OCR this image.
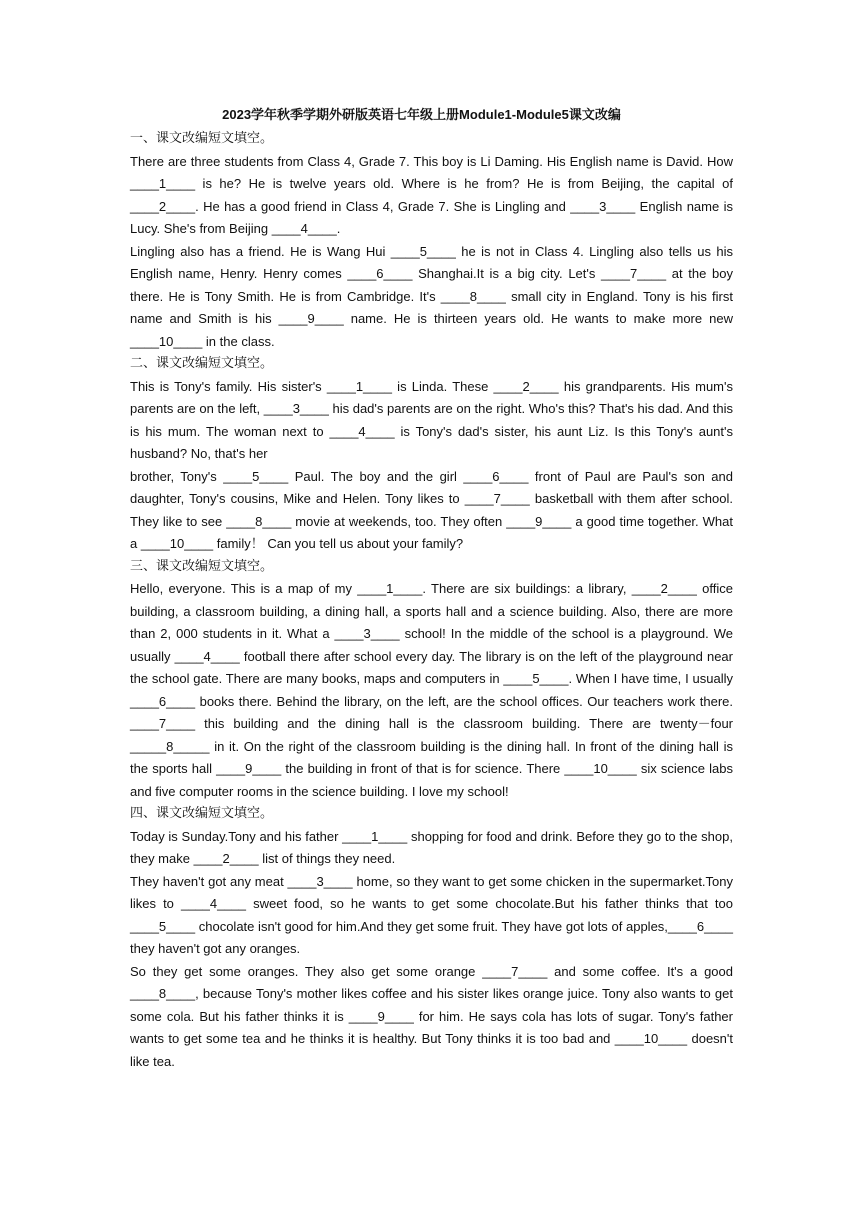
2023学年秋季学期外研版英语七年级上册Module1-Module5课文改编
一、课文改编短文填空。

There are three students from Class 4, Grade 7. This boy is Li Daming. His English name is David. How ____1____ is he? He is twelve years old. Where is he from? He is from Beijing, the capital of ____2____. He has a good friend in Class 4, Grade 7. She is Lingling and ____3____ English name is Lucy. She's from Beijing ____4____.

Lingling also has a friend. He is Wang Hui ____5____ he is not in Class 4. Lingling also tells us his English name, Henry. Henry comes ____6____ Shanghai.It is a big city. Let's ____7____ at the boy there. He is Tony Smith. He is from Cambridge. It's ____8____ small city in England. Tony is his first name and Smith is his ____9____ name. He is thirteen years old. He wants to make more new ____10____ in the class.

二、课文改编短文填空。

This is Tony's family. His sister's ____1____ is Linda. These ____2____ his grandparents. His mum's parents are on the left, ____3____ his dad's parents are on the right. Who's this? That's his dad. And this is his mum. The woman next to ____4____ is Tony's dad's sister, his aunt Liz. Is this Tony's aunt's husband? No, that's her

brother, Tony's ____5____ Paul. The boy and the girl ____6____ front of Paul are Paul's son and daughter, Tony's cousins, Mike and Helen. Tony likes to ____7____ basketball with them after school. They like to see ____8____ movie at weekends, too. They often ____9____ a good time together. What a ____10____ family！ Can you tell us about your family?

三、课文改编短文填空。

Hello, everyone. This is a map of my ____1____. There are six buildings: a library, ____2____ office building, a classroom building, a dining hall, a sports hall and a science building. Also, there are more than 2, 000 students in it. What a ____3____ school! In the middle of the school is a playground. We usually ____4____ football there after school every day. The library is on the left of the playground near the school gate. There are many books, maps and computers in ____5____. When I have time, I usually ____6____ books there. Behind the library, on the left, are the school offices. Our teachers work there. ____7____ this building and the dining hall is the classroom building. There are twenty－four _____8_____ in it. On the right of the classroom building is the dining hall. In front of the dining hall is the sports hall ____9____ the building in front of that is for science. There ____10____ six science labs and five computer rooms in the science building. I love my school!

四、课文改编短文填空。

Today is Sunday.Tony and his father ____1____ shopping for food and drink. Before they go to the shop, they make ____2____ list of things they need.

They haven't got any meat ____3____ home, so they want to get some chicken in the supermarket.Tony likes to ____4____ sweet food, so he wants to get some chocolate.But his father thinks that too ____5____ chocolate isn't good for him.And they get some fruit. They have got lots of apples,____6____ they haven't got any oranges.

So they get some oranges. They also get some orange ____7____ and some coffee. It's a good ____8____, because Tony's mother likes coffee and his sister likes orange juice. Tony also wants to get some cola. But his father thinks it is ____9____ for him. He says cola has lots of sugar. Tony's father wants to get some tea and he thinks it is healthy. But Tony thinks it is too bad and ____10____ doesn't like tea.
